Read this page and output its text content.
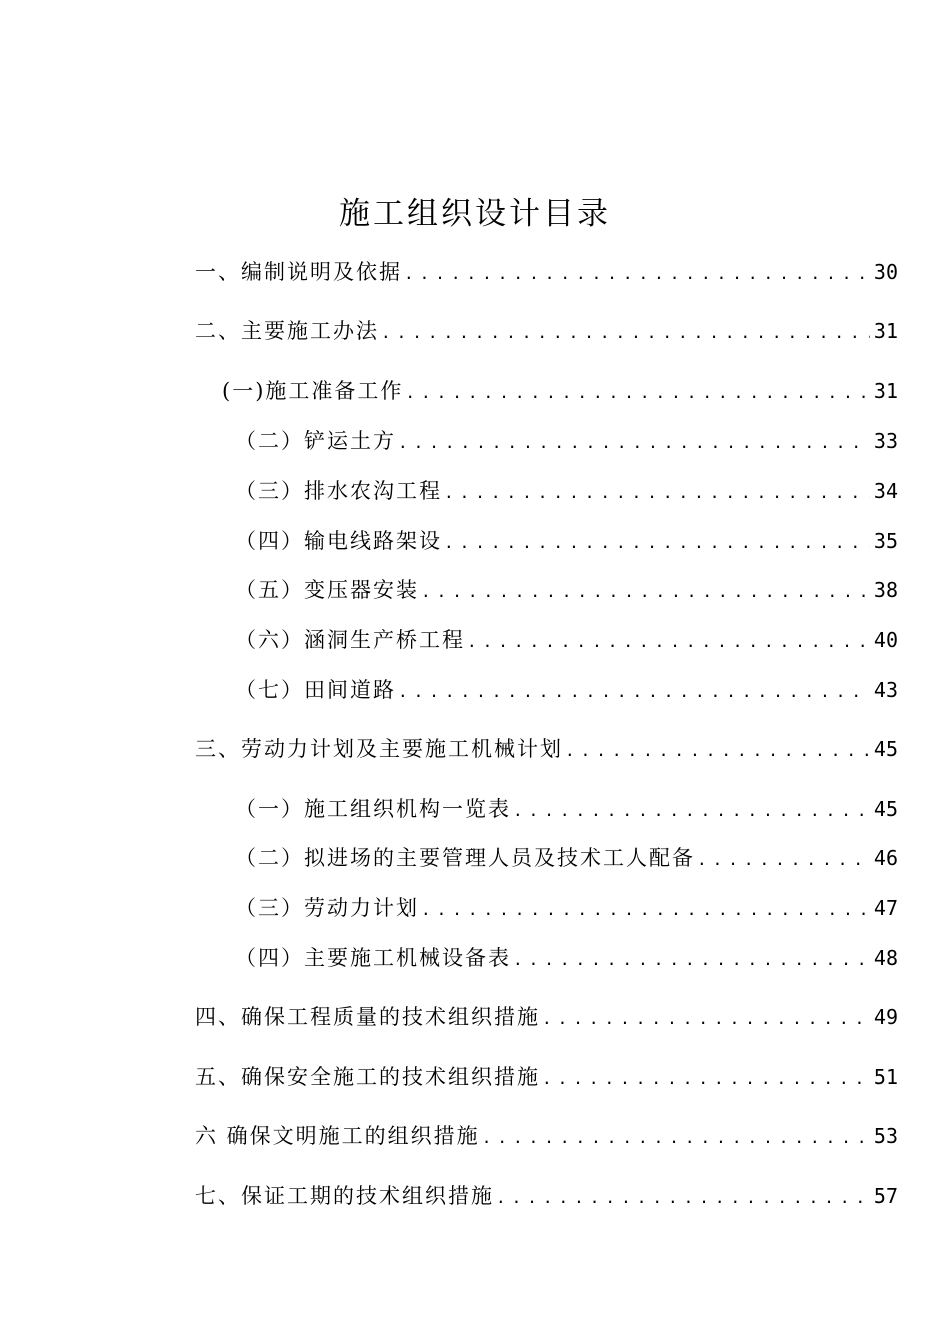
施工组织设计目录
一、编制说明及依据 .....	30
二、主要施工办法 .....	31
(一)施工准备工作 .....	31
（二）铲运土方 .....	33
（三）排水农沟工程 .....	34
（四）输电线路架设 .....	35
（五）变压器安装 .....	38
（六）涵洞生产桥工程 .....	40
（七）田间道路 .....	43
三、劳动力计划及主要施工机械计划 .....	45
（一）施工组织机构一览表 .....	45
（二）拟进场的主要管理人员及技术工人配备 .....	46
（三）劳动力计划 .....	47
（四）主要施工机械设备表 .....	48
四、确保工程质量的技术组织措施 .....	49
五、确保安全施工的技术组织措施 .....	51
六 确保文明施工的组织措施 .....	53
七、保证工期的技术组织措施 .....	57
